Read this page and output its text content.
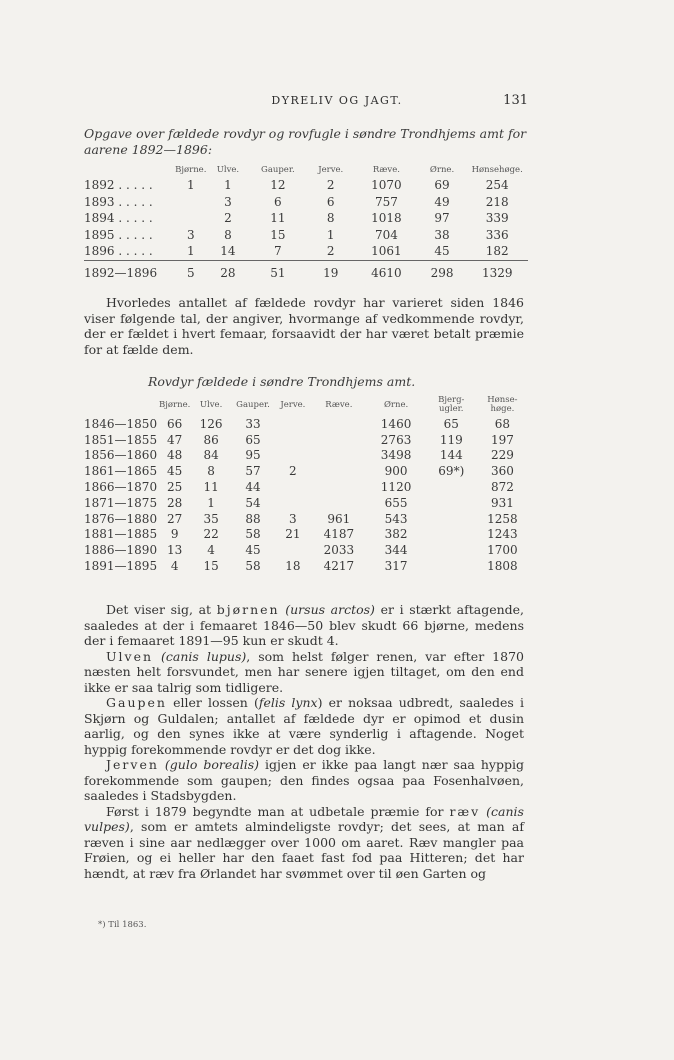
DYRELIV OG JAGT.	131
Opgave over fældede rovdyr og rovfugle i søndre Trondhjems amt for aarene 1892—1896:
	Bjørne.	Ulve.	Gauper.	Jerve.	Ræve.	Ørne.	Hønsehøge.
1892 . . . . .	1	1	12	2	1070	69	254
1893 . . . . .		3	6	6	757	49	218
1894 . . . . .		2	11	8	1018	97	339
1895 . . . . .	3	8	15	1	704	38	336
1896 . . . . .	1	14	7	2	1061	45	182
1892—1896	5	28	51	19	4610	298	1329

Hvorledes antallet af fældede rovdyr har varieret siden 1846 viser følgende tal, der angiver, hvormange af vedkommende rovdyr, der er fældet i hvert femaar, forsaavidt der har været betalt præmie for at fælde dem.

Rovdyr fældede i søndre Trondhjems amt.
	Bjørne.	Ulve.	Gauper.	Jerve.	Ræve.	Ørne.	Bjerg-
ugler.	Hønse-
høge.
1846—1850	66	126	33			1460	65	68
1851—1855	47	86	65			2763	119	197
1856—1860	48	84	95			3498	144	229
1861—1865	45	8	57	2		900	69*)	360
1866—1870	25	11	44			1120		872
1871—1875	28	1	54			655		931
1876—1880	27	35	88	3	961	543		1258
1881—1885	9	22	58	21	4187	382		1243
1886—1890	13	4	45		2033	344		1700
1891—1895	4	15	58	18	4217	317		1808

Det viser sig, at bjørnen (ursus arctos) er i stærkt aftagende, saaledes at der i femaaret 1846—50 blev skudt 66 bjørne, medens der i femaaret 1891—95 kun er skudt 4.

Ulven (canis lupus), som helst følger renen, var efter 1870 næsten helt forsvundet, men har senere igjen tiltaget, om den end ikke er saa talrig som tidligere.

Gaupen eller lossen (felis lynx) er noksaa udbredt, saaledes i Skjørn og Guldalen; antallet af fældede dyr er opimod et dusin aarlig, og den synes ikke at være synderlig i aftagende. Noget hyppig forekommende rovdyr er det dog ikke.

Jerven (gulo borealis) igjen er ikke paa langt nær saa hyppig forekommende som gaupen; den findes ogsaa paa Fosenhalvøen, saaledes i Stadsbygden.

Først i 1879 begyndte man at udbetale præmie for ræv (canis vulpes), som er amtets almindeligste rovdyr; det sees, at man af ræven i sine aar nedlægger over 1000 om aaret. Ræv mangler paa Frøien, og ei heller har den faaet fast fod paa Hitteren; det har hændt, at ræv fra Ørlandet har svømmet over til øen Garten og

*) Til 1863.
